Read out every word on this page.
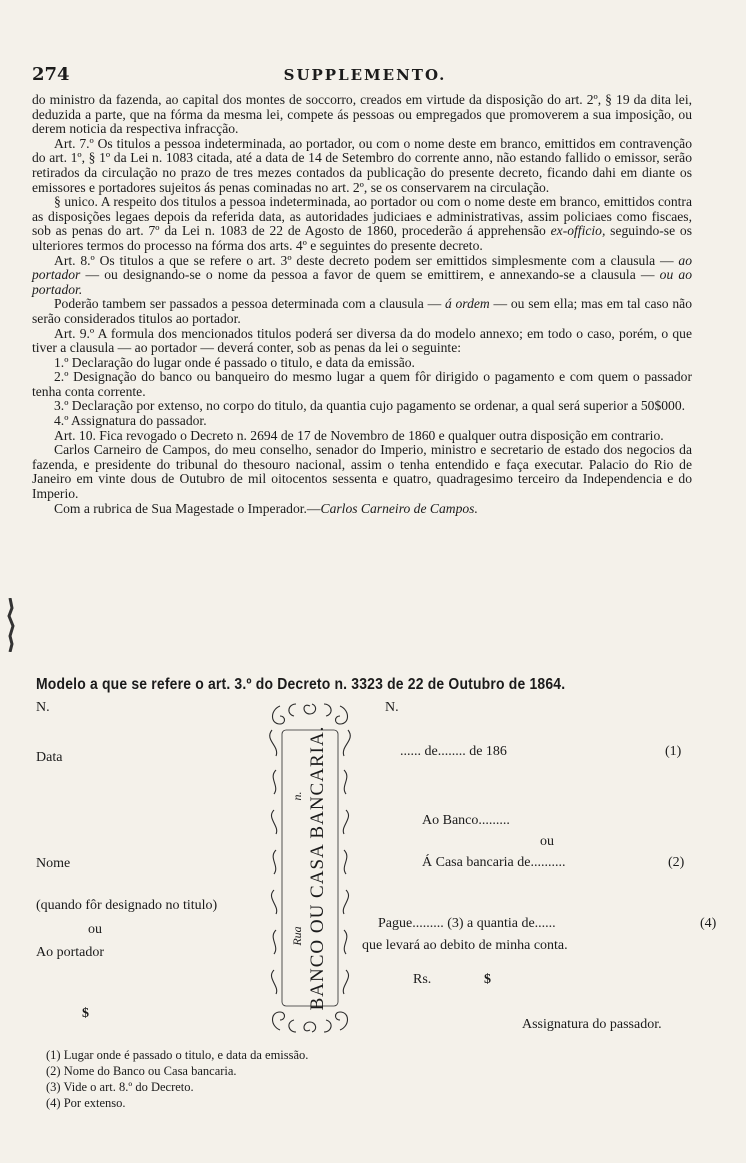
274	SUPPLEMENTO.

do ministro da fazenda, ao capital dos montes de soccorro, creados em virtude da disposição do art. 2º, § 19 da dita lei, deduzida a parte, que na fórma da mesma lei, compete ás pessoas ou empregados que promoverem a sua imposição, ou derem noticia da respectiva infracção.

Art. 7.º Os titulos a pessoa indeterminada, ao portador, ou com o nome deste em branco, emittidos em contravenção do art. 1º, § 1º da Lei n. 1083 citada, até a data de 14 de Setembro do corrente anno, não estando fallido o emissor, serão retirados da circulação no prazo de tres mezes contados da publicação do presente decreto, ficando dahi em diante os emissores e portadores sujeitos ás penas cominadas no art. 2º, se os conservarem na circulação.

§ unico. A respeito dos titulos a pessoa indeterminada, ao portador ou com o nome deste em branco, emittidos contra as disposições legaes depois da referida data, as autoridades judiciaes e administrativas, assim policiaes como fiscaes, sob as penas do art. 7º da Lei n. 1083 de 22 de Agosto de 1860, procederão á apprehensão ex-officio, seguindo-se os ulteriores termos do processo na fórma dos arts. 4º e seguintes do presente decreto.

Art. 8.º Os titulos a que se refere o art. 3º deste decreto podem ser emittidos simplesmente com a clausula — ao portador — ou designando-se o nome da pessoa a favor de quem se emittirem, e annexando-se a clausula — ou ao portador.

Poderão tambem ser passados a pessoa determinada com a clausula — á ordem — ou sem ella; mas em tal caso não serão considerados titulos ao portador.

Art. 9.º A formula dos mencionados titulos poderá ser diversa da do modelo annexo; em todo o caso, porém, o que tiver a clausula — ao portador — deverá conter, sob as penas da lei o seguinte:

1.º Declaração do lugar onde é passado o titulo, e data da emissão.

2.º Designação do banco ou banqueiro do mesmo lugar a quem fôr dirigido o pagamento e com quem o passador tenha conta corrente.

3.º Declaração por extenso, no corpo do titulo, da quantia cujo pagamento se ordenar, a qual será superior a 50$000.

4.º Assignatura do passador.

Art. 10. Fica revogado o Decreto n. 2694 de 17 de Novembro de 1860 e qualquer outra disposição em contrario.

Carlos Carneiro de Campos, do meu conselho, senador do Imperio, ministro e secretario de estado dos negocios da fazenda, e presidente do tribunal do thesouro nacional, assim o tenha entendido e faça executar. Palacio do Rio de Janeiro em vinte dous de Outubro de mil oitocentos sessenta e quatro, quadragesimo terceiro da Independencia e do Imperio.

Com a rubrica de Sua Magestade o Imperador.—Carlos Carneiro de Campos.

Modelo a que se refere o art. 3.º do Decreto n. 3323 de 22 de Outubro de 1864.
N.	N.
Data	...... de........ de 186	(1)
Ao Banco.........
ou
Á Casa bancaria de..........	(2)
Nome
(quando fôr designado no titulo)
ou
Ao portador
Pague......... (3) a quantia de......	(4)
que levará ao debito de minha conta.
Rs.	$
$
Assignatura do passador.
BANCO OU CASA BANCARIA.
Rua
n.
(1) Lugar onde é passado o titulo, e data da emissão.
(2) Nome do Banco ou Casa bancaria.
(3) Vide o art. 8.º do Decreto.
(4) Por extenso.
